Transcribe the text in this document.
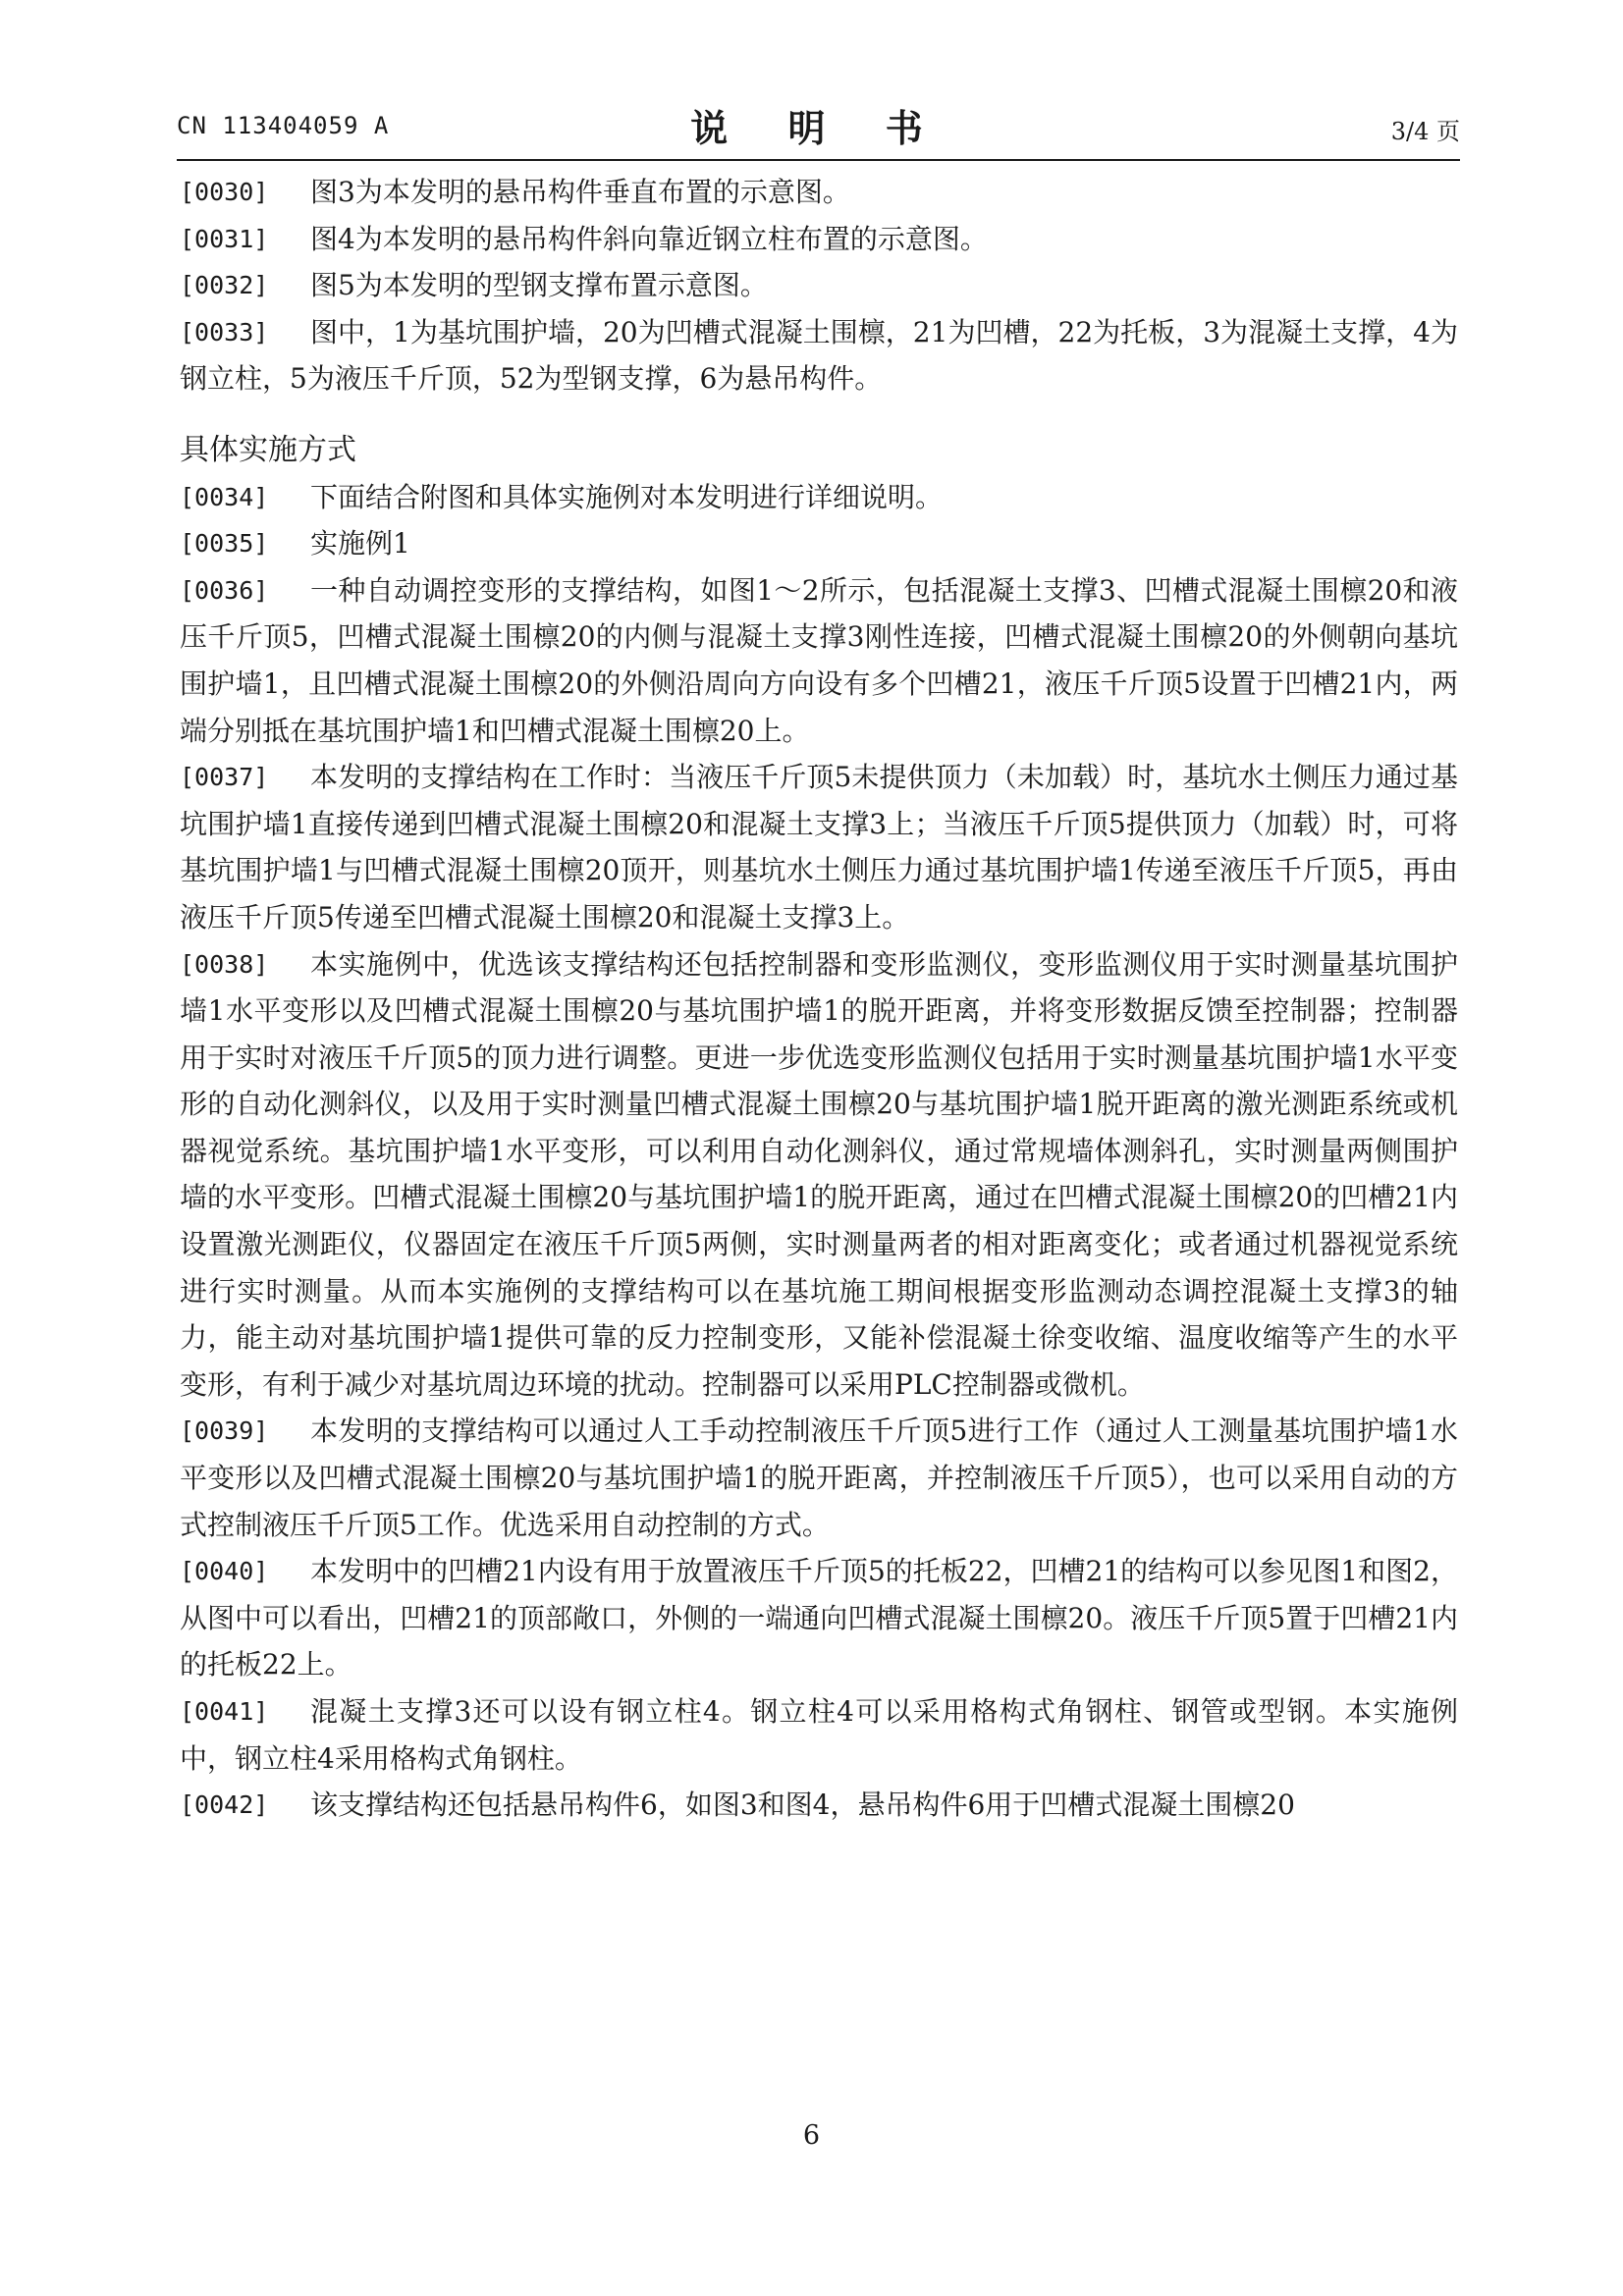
CN 113404059 A	说 明 书	3/4 页

[0030]	图3为本发明的悬吊构件垂直布置的示意图。

[0031]	图4为本发明的悬吊构件斜向靠近钢立柱布置的示意图。

[0032]	图5为本发明的型钢支撑布置示意图。

[0033]	图中，1为基坑围护墙，20为凹槽式混凝土围檩，21为凹槽，22为托板，3为混凝土支撑，4为钢立柱，5为液压千斤顶，52为型钢支撑，6为悬吊构件。

具体实施方式

[0034]	下面结合附图和具体实施例对本发明进行详细说明。

[0035]	实施例1

[0036]	一种自动调控变形的支撑结构，如图1～2所示，包括混凝土支撑3、凹槽式混凝土围檩20和液压千斤顶5，凹槽式混凝土围檩20的内侧与混凝土支撑3刚性连接，凹槽式混凝土围檩20的外侧朝向基坑围护墙1，且凹槽式混凝土围檩20的外侧沿周向方向设有多个凹槽21，液压千斤顶5设置于凹槽21内，两端分别抵在基坑围护墙1和凹槽式混凝土围檩20上。

[0037]	本发明的支撑结构在工作时：当液压千斤顶5未提供顶力（未加载）时，基坑水土侧压力通过基坑围护墙1直接传递到凹槽式混凝土围檩20和混凝土支撑3上；当液压千斤顶5提供顶力（加载）时，可将基坑围护墙1与凹槽式混凝土围檩20顶开，则基坑水土侧压力通过基坑围护墙1传递至液压千斤顶5，再由液压千斤顶5传递至凹槽式混凝土围檩20和混凝土支撑3上。

[0038]	本实施例中，优选该支撑结构还包括控制器和变形监测仪，变形监测仪用于实时测量基坑围护墙1水平变形以及凹槽式混凝土围檩20与基坑围护墙1的脱开距离，并将变形数据反馈至控制器；控制器用于实时对液压千斤顶5的顶力进行调整。更进一步优选变形监测仪包括用于实时测量基坑围护墙1水平变形的自动化测斜仪，以及用于实时测量凹槽式混凝土围檩20与基坑围护墙1脱开距离的激光测距系统或机器视觉系统。基坑围护墙1水平变形，可以利用自动化测斜仪，通过常规墙体测斜孔，实时测量两侧围护墙的水平变形。凹槽式混凝土围檩20与基坑围护墙1的脱开距离，通过在凹槽式混凝土围檩20的凹槽21内设置激光测距仪，仪器固定在液压千斤顶5两侧，实时测量两者的相对距离变化；或者通过机器视觉系统进行实时测量。从而本实施例的支撑结构可以在基坑施工期间根据变形监测动态调控混凝土支撑3的轴力，能主动对基坑围护墙1提供可靠的反力控制变形，又能补偿混凝土徐变收缩、温度收缩等产生的水平变形，有利于减少对基坑周边环境的扰动。控制器可以采用PLC控制器或微机。

[0039]	本发明的支撑结构可以通过人工手动控制液压千斤顶5进行工作（通过人工测量基坑围护墙1水平变形以及凹槽式混凝土围檩20与基坑围护墙1的脱开距离，并控制液压千斤顶5），也可以采用自动的方式控制液压千斤顶5工作。优选采用自动控制的方式。

[0040]	本发明中的凹槽21内设有用于放置液压千斤顶5的托板22，凹槽21的结构可以参见图1和图2，从图中可以看出，凹槽21的顶部敞口，外侧的一端通向凹槽式混凝土围檩20。液压千斤顶5置于凹槽21内的托板22上。

[0041]	混凝土支撑3还可以设有钢立柱4。钢立柱4可以采用格构式角钢柱、钢管或型钢。本实施例中，钢立柱4采用格构式角钢柱。

[0042]	该支撑结构还包括悬吊构件6，如图3和图4，悬吊构件6用于凹槽式混凝土围檩20

6
